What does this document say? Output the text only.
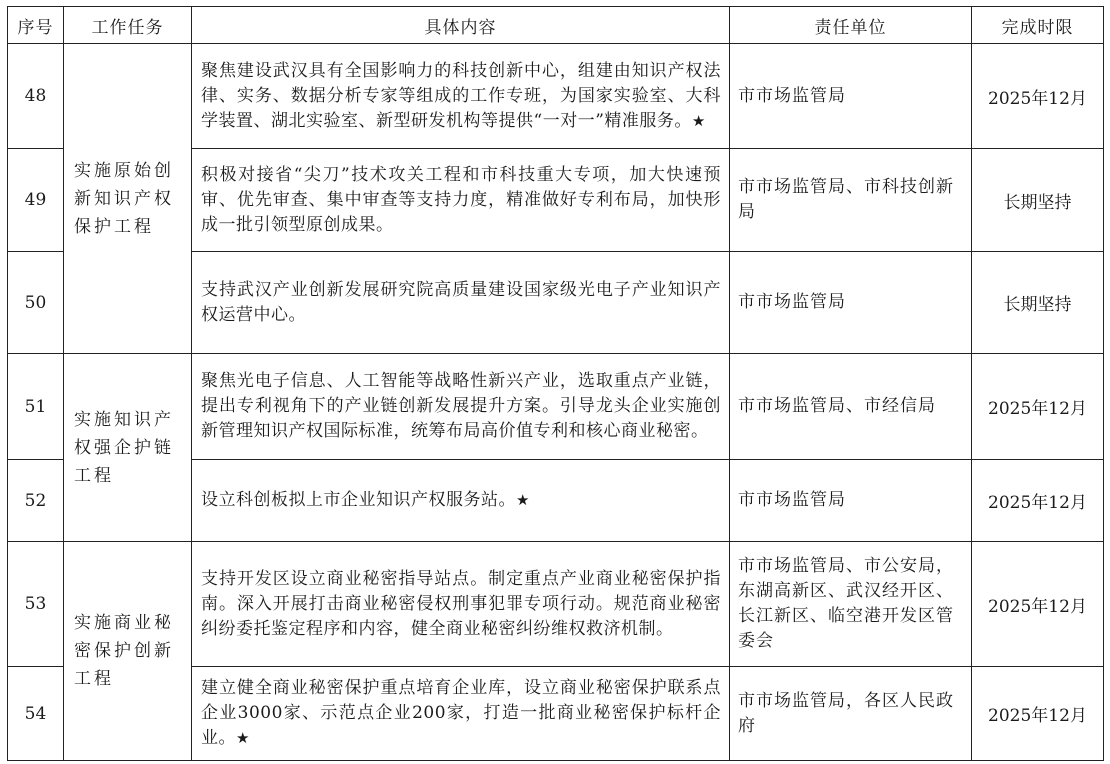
序号	工作任务	具体内容	责任单位	完成时限
48	实施原始创新知识产权保护工程	聚焦建设武汉具有全国影响力的科技创新中心，组建由知识产权法律、实务、数据分析专家等组成的工作专班，为国家实验室、大科学装置、湖北实验室、新型研发机构等提供“一对一”精准服务。★	市市场监管局	2025年12月
49		积极对接省“尖刀”技术攻关工程和市科技重大专项，加大快速预审、优先审查、集中审查等支持力度，精准做好专利布局，加快形成一批引领型原创成果。	市市场监管局、市科技创新局	长期坚持
50		支持武汉产业创新发展研究院高质量建设国家级光电子产业知识产权运营中心。	市市场监管局	长期坚持
51	实施知识产权强企护链工程	聚焦光电子信息、人工智能等战略性新兴产业，选取重点产业链，提出专利视角下的产业链创新发展提升方案。引导龙头企业实施创新管理知识产权国际标准，统筹布局高价值专利和核心商业秘密。	市市场监管局、市经信局	2025年12月
52		设立科创板拟上市企业知识产权服务站。★	市市场监管局	2025年12月
53	实施商业秘密保护创新工程	支持开发区设立商业秘密指导站点。制定重点产业商业秘密保护指南。深入开展打击商业秘密侵权刑事犯罪专项行动。规范商业秘密纠纷委托鉴定程序和内容，健全商业秘密纠纷维权救济机制。	市市场监管局、市公安局，东湖高新区、武汉经开区、长江新区、临空港开发区管委会	2025年12月
54		建立健全商业秘密保护重点培育企业库，设立商业秘密保护联系点企业3000家、示范点企业200家，打造一批商业秘密保护标杆企业。★	市市场监管局，各区人民政府	2025年12月
